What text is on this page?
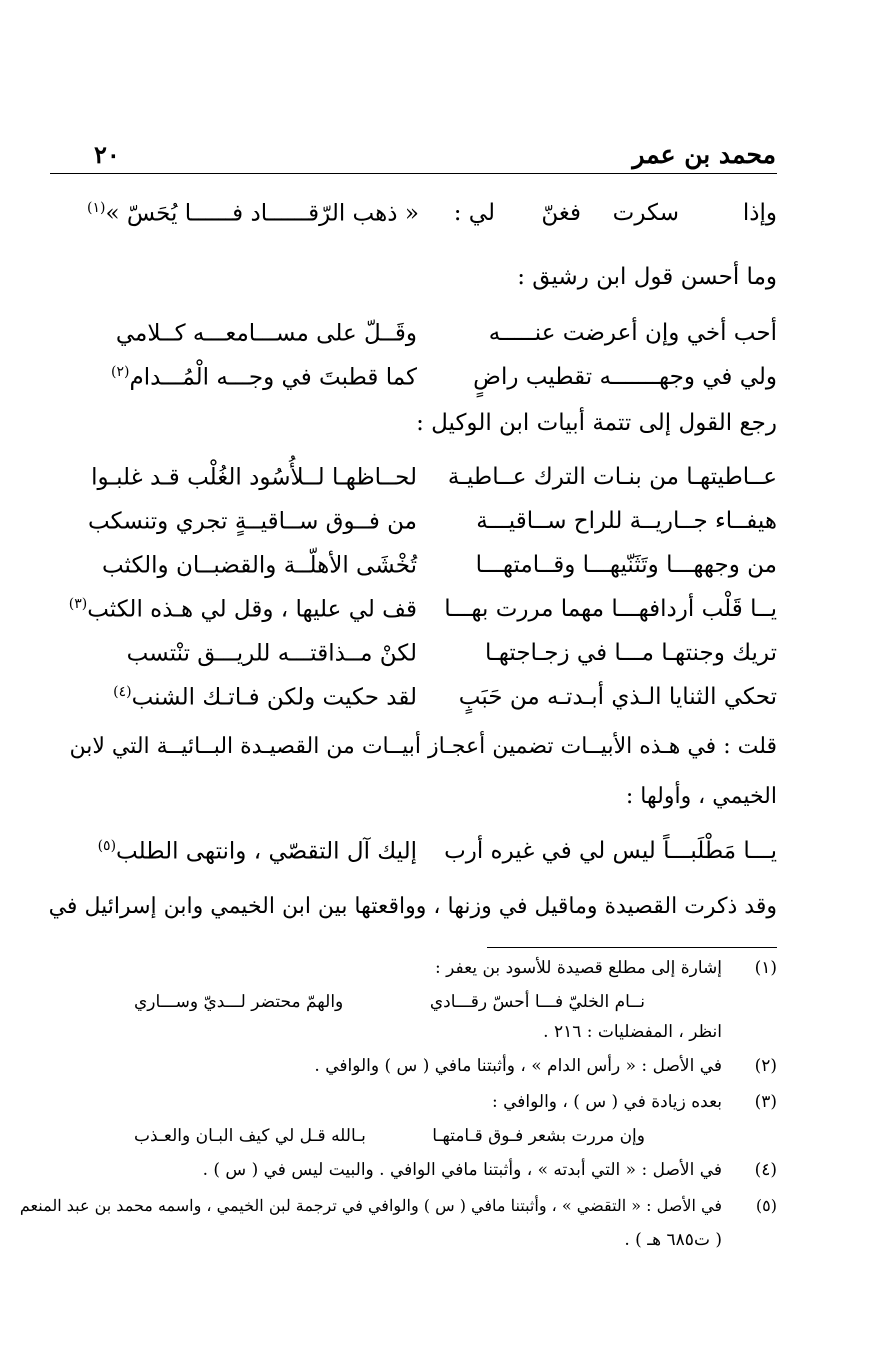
محمد بن عمر
٢٠
وإذا
سكرت
فغنّ
لي :
« ذهب الرّقــــــاد فــــــا يُحَسّ »$^{(١)}$
وما أحسن قول ابن رشيق :
أحب أخي وإن أعرضت عنـــــه
وقَــلّ على مســـامعـــه كــلامي
ولي في وجهـــــــه تقطيب راضٍ
كما قطبتَ في وجـــه الْمُـــدام$^{(٢)}$
رجع القول إلى تتمة أبيات ابن الوكيل :
عــاطيتهـا من بنـات الترك عــاطيـة
لحــاظهـا لــلأُسُود الغُلْب قـد غلبـوا
هيفــاء جــاريــة للراح ســاقيـــة
من فــوق ســاقيــةٍ تجري وتنسكب
من وجههـــا وتَثَنّيهـــا وقــامتهـــا
تُخْشَى الأهلّــة والقضبــان والكثب
يــا قَلْب أردافهـــا مهما مررت بهـــا
قف لي عليها ، وقل لي هـذه الكثب$^{(٣)}$
تريك وجنتهـا مـــا في زجـاجتهـا
لكنْ مــذاقتـــه للريـــق تنْتسب
تحكي الثنايا الـذي أبـدتـه من حَبَبٍ
لقد حكيت ولكن فـاتـك الشنب$^{(٤)}$
قلت : في هـذه الأبيــات تضمين أعجـاز أبيــات من القصيـدة البــائيــة التي لابن
الخيمي ، وأولها :
يـــا مَطْلَبـــاً ليس لي في غيره أرب
إليك آل التقصّي ، وانتهى الطلب$^{(٥)}$
وقد ذكرت القصيدة وماقيل في وزنها ، وواقعتها بين ابن الخيمي وابن إسرائيل في
(١)
إشارة إلى مطلع قصيدة للأسود بن يعفر :
نــام الخليّ فـــا أحسّ رقـــادي
والهمّ محتضر لـــديّ وســـاري
انظر ، المفضليات : ٢١٦ .
(٢)
في الأصل : « رأس الدام » ، وأثبتنا مافي ( س ) والوافي .
(٣)
بعده زيادة في ( س ) ، والوافي :
وإن مررت بشعر فـوق قـامتهـا
بـالله قـل لي كيف البـان والعـذب
(٤)
في الأصل : « التي أبدته » ، وأثبتنا مافي الوافي . والبيت ليس في ( س ) .
(٥)
في الأصل : « التقضي » ، وأثبتنا مافي ( س ) والوافي في ترجمة لبن الخيمي ، واسمه محمد بن عبد المنعم
( ت٦٨٥ هـ ) .
